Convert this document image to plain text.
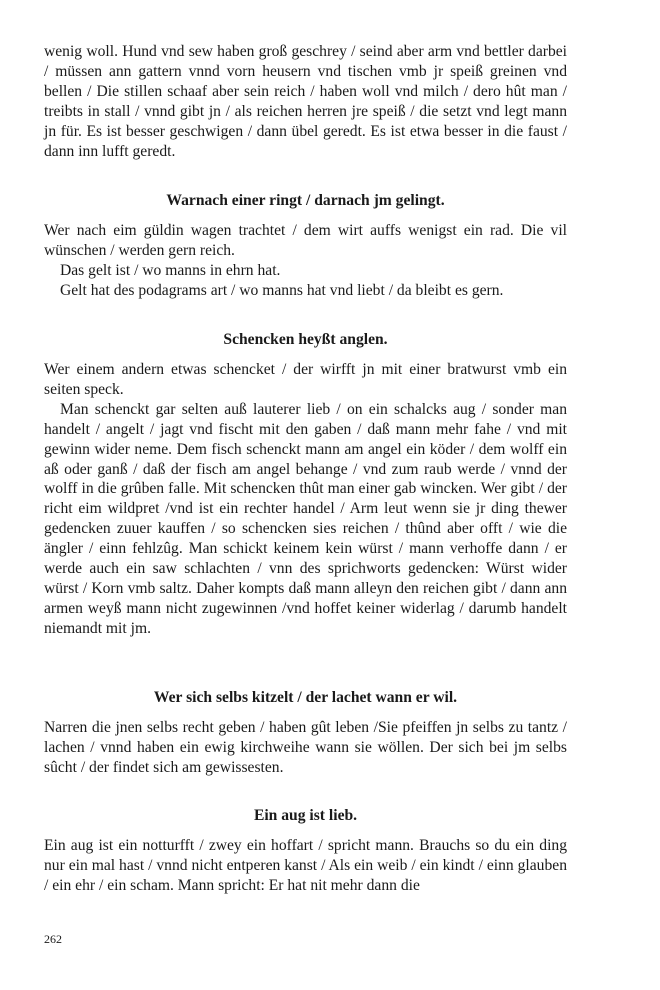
wenig woll. Hund vnd sew haben groß geschrey / seind aber arm vnd bettler darbei / müssen ann gattern vnnd vorn heusern vnd tischen vmb jr speiß greinen vnd bellen / Die stillen schaaf aber sein reich / haben woll vnd milch / dero hût man / treibts in stall / vnnd gibt jn / als reichen herren jre speiß / die setzt vnd legt mann jn für. Es ist besser geschwigen / dann übel geredt. Es ist etwa besser in die faust / dann inn lufft geredt.

Warnach einer ringt / darnach jm gelingt.

Wer nach eim güldin wagen trachtet / dem wirt auffs wenigst ein rad. Die vil wünschen / werden gern reich.

Das gelt ist / wo manns in ehrn hat.

Gelt hat des podagrams art / wo manns hat vnd liebt / da bleibt es gern.

Schencken heyßt anglen.

Wer einem andern etwas schencket / der wirfft jn mit einer bratwurst vmb ein seiten speck.

Man schenckt gar selten auß lauterer lieb / on ein schalcks aug / sonder man handelt / angelt / jagt vnd fischt mit den gaben / daß mann mehr fahe / vnd mit gewinn wider neme. Dem fisch schenckt mann am angel ein köder / dem wolff ein aß oder ganß / daß der fisch am angel behange / vnd zum raub werde / vnnd der wolff in die grûben falle. Mit schencken thût man einer gab wincken. Wer gibt / der richt eim wildpret /vnd ist ein rechter handel / Arm leut wenn sie jr ding thewer gedencken zuuer kauffen / so schencken sies reichen / thûnd aber offt / wie die ängler / einn fehlzûg. Man schickt keinem kein würst / mann verhoffe dann / er werde auch ein saw schlachten / vnn des sprichworts gedencken: Würst wider würst / Korn vmb saltz. Daher kompts daß mann alleyn den reichen gibt / dann ann armen weyß mann nicht zugewinnen /vnd hoffet keiner widerlag / darumb handelt niemandt mit jm.

Wer sich selbs kitzelt / der lachet wann er wil.

Narren die jnen selbs recht geben / haben gût leben /Sie pfeiffen jn selbs zu tantz / lachen / vnnd haben ein ewig kirchweihe wann sie wöllen. Der sich bei jm selbs sûcht / der findet sich am gewissesten.

Ein aug ist lieb.

Ein aug ist ein notturfft / zwey ein hoffart / spricht mann. Brauchs so du ein ding nur ein mal hast / vnnd nicht entperen kanst / Als ein weib / ein kindt / einn glauben / ein ehr / ein scham. Mann spricht: Er hat nit mehr dann die

262
